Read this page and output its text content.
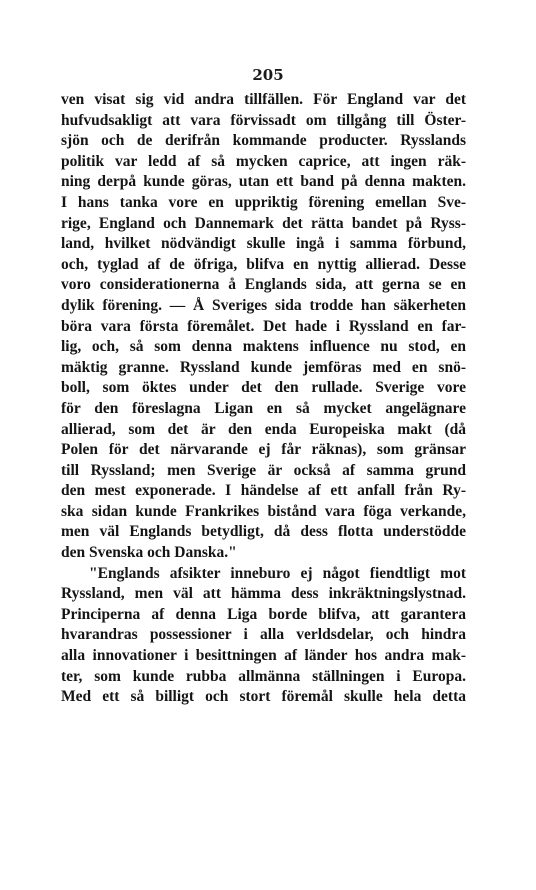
205
ven visat sig vid andra tillfällen. För England var det
hufvudsakligt att vara förvissadt om tillgång till Öster-
sjön och de derifrån kommande producter. Rysslands
politik var ledd af så mycken caprice, att ingen räk-
ning derpå kunde göras, utan ett band på denna makten.
I hans tanka vore en uppriktig förening emellan Sve-
rige, England och Dannemark det rätta bandet på Ryss-
land, hvilket nödvändigt skulle ingå i samma förbund,
och, tyglad af de öfriga, blifva en nyttig allierad. Desse
voro considerationerna å Englands sida, att gerna se en
dylik förening. — Å Sveriges sida trodde han säkerheten
böra vara första föremålet. Det hade i Ryssland en far-
lig, och, så som denna maktens influence nu stod, en
mäktig granne. Ryssland kunde jemföras med en snö-
boll, som öktes under det den rullade. Sverige vore
för den föreslagna Ligan en så mycket angelägnare
allierad, som det är den enda Europeiska makt (då
Polen för det närvarande ej får räknas), som gränsar
till Ryssland; men Sverige är också af samma grund
den mest exponerade. I händelse af ett anfall från Ry-
ska sidan kunde Frankrikes bistånd vara föga verkande,
men väl Englands betydligt, då dess flotta understödde
den Svenska och Danska."
"Englands afsikter inneburo ej något fiendtligt mot
Ryssland, men väl att hämma dess inkräktningslystnad.
Principerna af denna Liga borde blifva, att garantera
hvarandras possessioner i alla verldsdelar, och hindra
alla innovationer i besittningen af länder hos andra mak-
ter, som kunde rubba allmänna ställningen i Europa.
Med ett så billigt och stort föremål skulle hela detta
